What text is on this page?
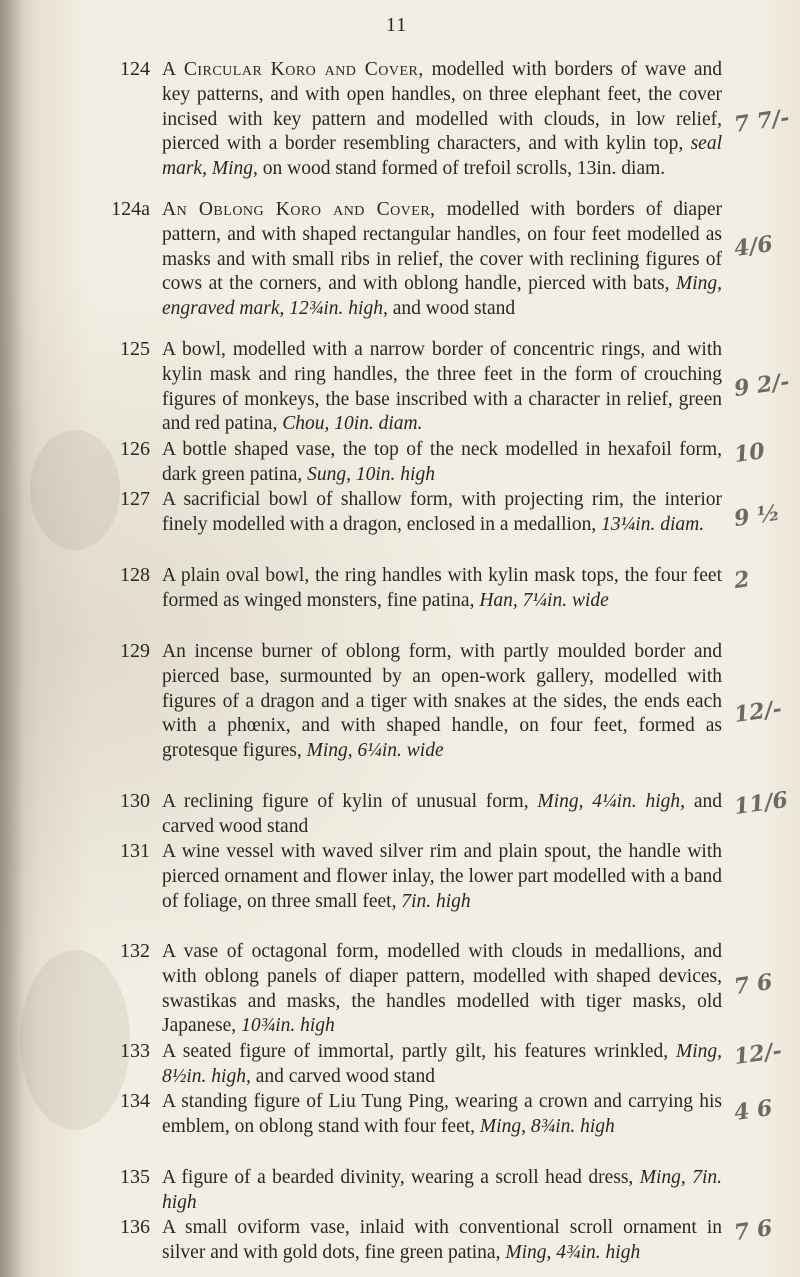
11
124 A Circular Koro and Cover, modelled with borders of wave and key patterns, and with open handles, on three elephant feet, the cover incised with key pattern and modelled with clouds, in low relief, pierced with a border resembling characters, and with kylin top, seal mark, Ming, on wood stand formed of trefoil scrolls, 13in. diam.
7 7/-
124a An Oblong Koro and Cover, modelled with borders of diaper pattern, and with shaped rectangular handles, on four feet modelled as masks and with small ribs in relief, the cover with reclining figures of cows at the corners, and with oblong handle, pierced with bats, Ming, engraved mark, 12¾in. high, and wood stand
4/6
125 A bowl, modelled with a narrow border of concentric rings, and with kylin mask and ring handles, the three feet in the form of crouching figures of monkeys, the base inscribed with a character in relief, green and red patina, Chou, 10in. diam.
9 2/-
126 A bottle shaped vase, the top of the neck modelled in hexafoil form, dark green patina, Sung, 10in. high
10
127 A sacrificial bowl of shallow form, with projecting rim, the interior finely modelled with a dragon, enclosed in a medallion, 13¼in. diam.	9 ½
128 A plain oval bowl, the ring handles with kylin mask tops, the four feet formed as winged monsters, fine patina, Han, 7¼in. wide
2
129 An incense burner of oblong form, with partly moulded border and pierced base, surmounted by an open-work gallery, modelled with figures of a dragon and a tiger with snakes at the sides, the ends each with a phœnix, and with shaped handle, on four feet, formed as grotesque figures, Ming, 6¼in. wide
12/-
130 A reclining figure of kylin of unusual form, Ming, 4¼in. high, and carved wood stand
11/6
131 A wine vessel with waved silver rim and plain spout, the handle with pierced ornament and flower inlay, the lower part modelled with a band of foliage, on three small feet, 7in. high
132 A vase of octagonal form, modelled with clouds in medallions, and with oblong panels of diaper pattern, modelled with shaped devices, swastikas and masks, the handles modelled with tiger masks, old Japanese, 10¾in. high
7 6
133 A seated figure of immortal, partly gilt, his features wrinkled, Ming, 8½in. high, and carved wood stand
12/-
134 A standing figure of Liu Tung Ping, wearing a crown and carrying his emblem, on oblong stand with four feet, Ming, 8¾in. high
4 6
135 A figure of a bearded divinity, wearing a scroll head dress, Ming, 7in. high
136 A small oviform vase, inlaid with conventional scroll ornament in silver and with gold dots, fine green patina, Ming, 4¾in. high
7 6
